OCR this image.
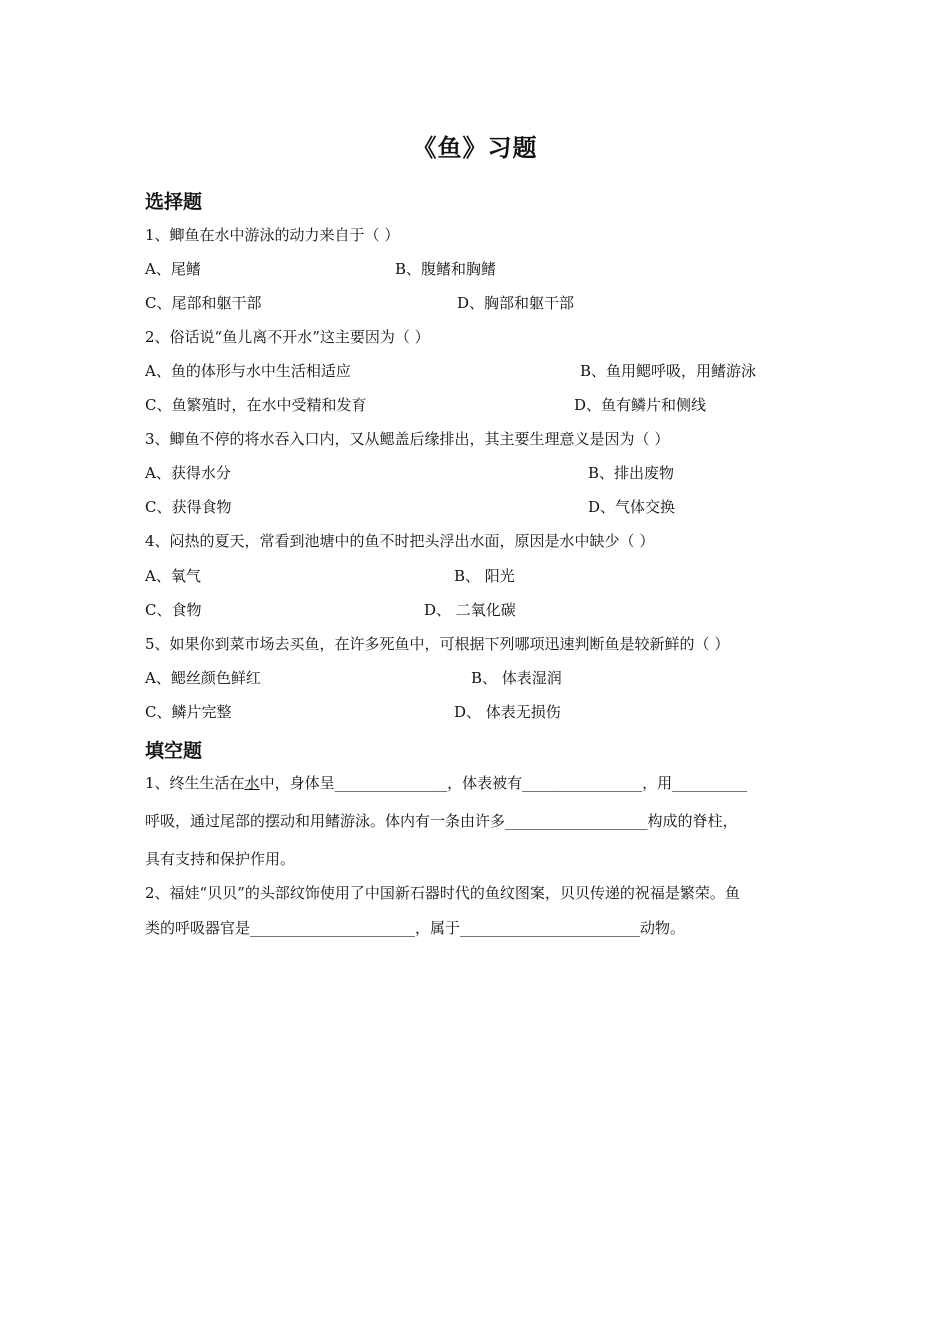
《鱼》习题
选择题
1、鲫鱼在水中游泳的动力来自于（ ）
A、尾鳍	B、腹鳍和胸鳍
C、尾部和躯干部	D、胸部和躯干部
2、俗话说“鱼儿离不开水”这主要因为（ ）
A、鱼的体形与水中生活相适应	B、鱼用鳃呼吸，用鳍游泳
C、鱼繁殖时，在水中受精和发育	D、鱼有鳞片和侧线
3、鲫鱼不停的将水吞入口内，又从鳃盖后缘排出，其主要生理意义是因为（ ）
A、获得水分	B、排出废物
C、获得食物	D、气体交换
4、闷热的夏天，常看到池塘中的鱼不时把头浮出水面，原因是水中缺少（ ）
A、氧气	B、 阳光
C、食物	D、 二氧化碳
5、如果你到菜市场去买鱼，在许多死鱼中，可根据下列哪项迅速判断鱼是较新鲜的（ ）
A、鳃丝颜色鲜红	B、 体表湿润
C、鳞片完整	D、 体表无损伤
填空题
1、终生生活在水中，身体呈_______________，体表被有________________，用__________
呼吸，通过尾部的摆动和用鳍游泳。体内有一条由许多___________________构成的脊柱，
具有支持和保护作用。
2、福娃“贝贝”的头部纹饰使用了中国新石器时代的鱼纹图案，贝贝传递的祝福是繁荣。鱼
类的呼吸器官是______________________，属于________________________动物。
